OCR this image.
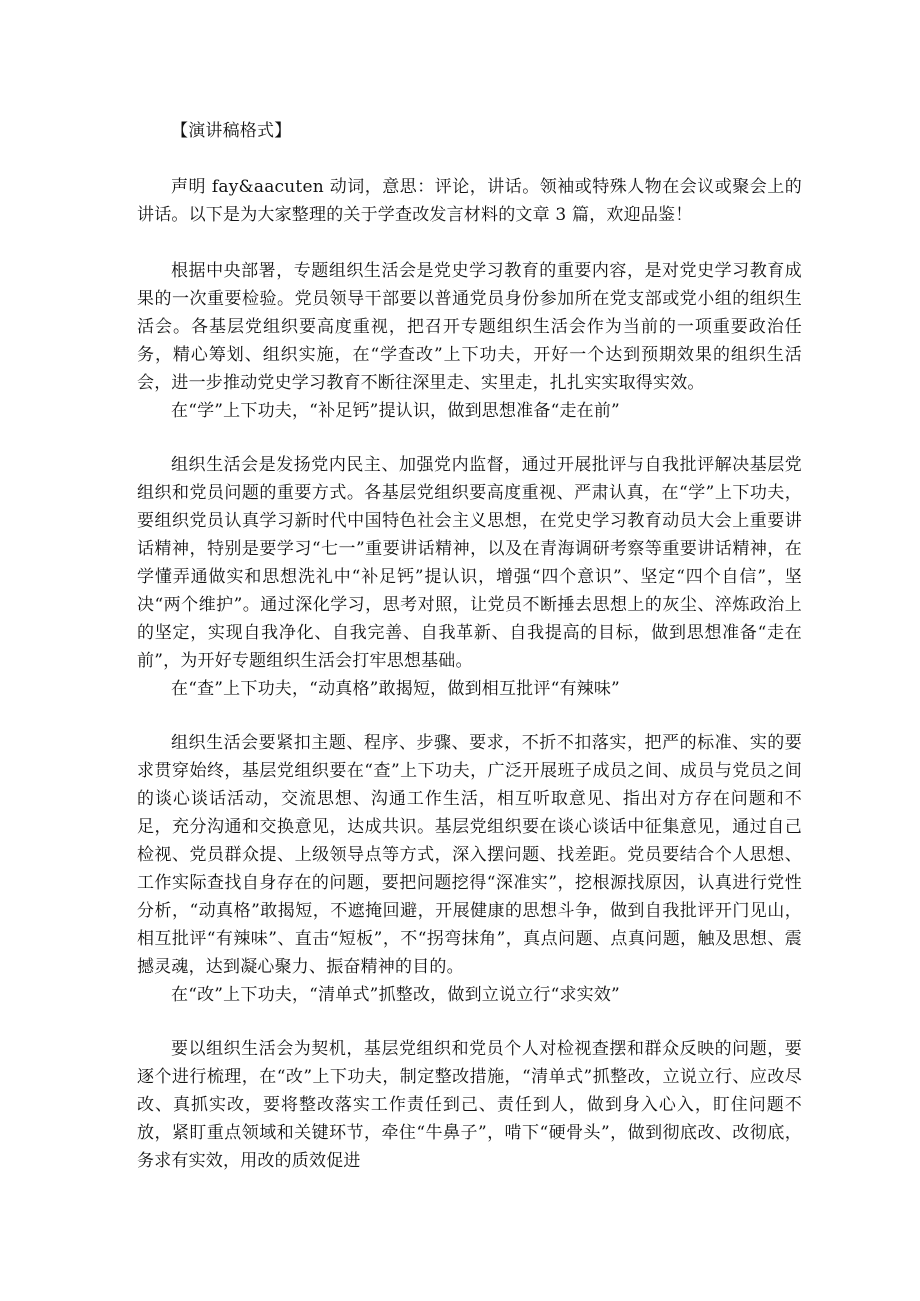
【演讲稿格式】

声明 fay&aacuten 动词，意思：评论，讲话。领袖或特殊人物在会议或聚会上的讲话。以下是为大家整理的关于学查改发言材料的文章 3 篇，欢迎品鉴！

根据中央部署，专题组织生活会是党史学习教育的重要内容，是对党史学习教育成果的一次重要检验。党员领导干部要以普通党员身份参加所在党支部或党小组的组织生活会。各基层党组织要高度重视，把召开专题组织生活会作为当前的一项重要政治任务，精心筹划、组织实施，在“学查改”上下功夫，开好一个达到预期效果的组织生活会，进一步推动党史学习教育不断往深里走、实里走，扎扎实实取得实效。

在“学”上下功夫，“补足钙”提认识，做到思想准备“走在前”

组织生活会是发扬党内民主、加强党内监督，通过开展批评与自我批评解决基层党组织和党员问题的重要方式。各基层党组织要高度重视、严肃认真，在“学”上下功夫，要组织党员认真学习新时代中国特色社会主义思想，在党史学习教育动员大会上重要讲话精神，特别是要学习“七一”重要讲话精神，以及在青海调研考察等重要讲话精神，在学懂弄通做实和思想洗礼中“补足钙”提认识，增强“四个意识”、坚定“四个自信”，坚决“两个维护”。通过深化学习，思考对照，让党员不断捶去思想上的灰尘、淬炼政治上的坚定，实现自我净化、自我完善、自我革新、自我提高的目标，做到思想准备“走在前”，为开好专题组织生活会打牢思想基础。

在“查”上下功夫，“动真格”敢揭短，做到相互批评“有辣味”

组织生活会要紧扣主题、程序、步骤、要求，不折不扣落实，把严的标准、实的要求贯穿始终，基层党组织要在“查”上下功夫，广泛开展班子成员之间、成员与党员之间的谈心谈话活动，交流思想、沟通工作生活，相互听取意见、指出对方存在问题和不足，充分沟通和交换意见，达成共识。基层党组织要在谈心谈话中征集意见，通过自己检视、党员群众提、上级领导点等方式，深入摆问题、找差距。党员要结合个人思想、工作实际查找自身存在的问题，要把问题挖得“深准实”，挖根源找原因，认真进行党性分析，“动真格”敢揭短，不遮掩回避，开展健康的思想斗争，做到自我批评开门见山，相互批评“有辣味”、直击“短板”，不“拐弯抹角”，真点问题、点真问题，触及思想、震撼灵魂，达到凝心聚力、振奋精神的目的。

在“改”上下功夫，“清单式”抓整改，做到立说立行“求实效”

要以组织生活会为契机，基层党组织和党员个人对检视查摆和群众反映的问题，要逐个进行梳理，在“改”上下功夫，制定整改措施，“清单式”抓整改，立说立行、应改尽改、真抓实改，要将整改落实工作责任到己、责任到人，做到身入心入，盯住问题不放，紧盯重点领域和关键环节，牵住“牛鼻子”，啃下“硬骨头”，做到彻底改、改彻底，务求有实效，用改的质效促进
